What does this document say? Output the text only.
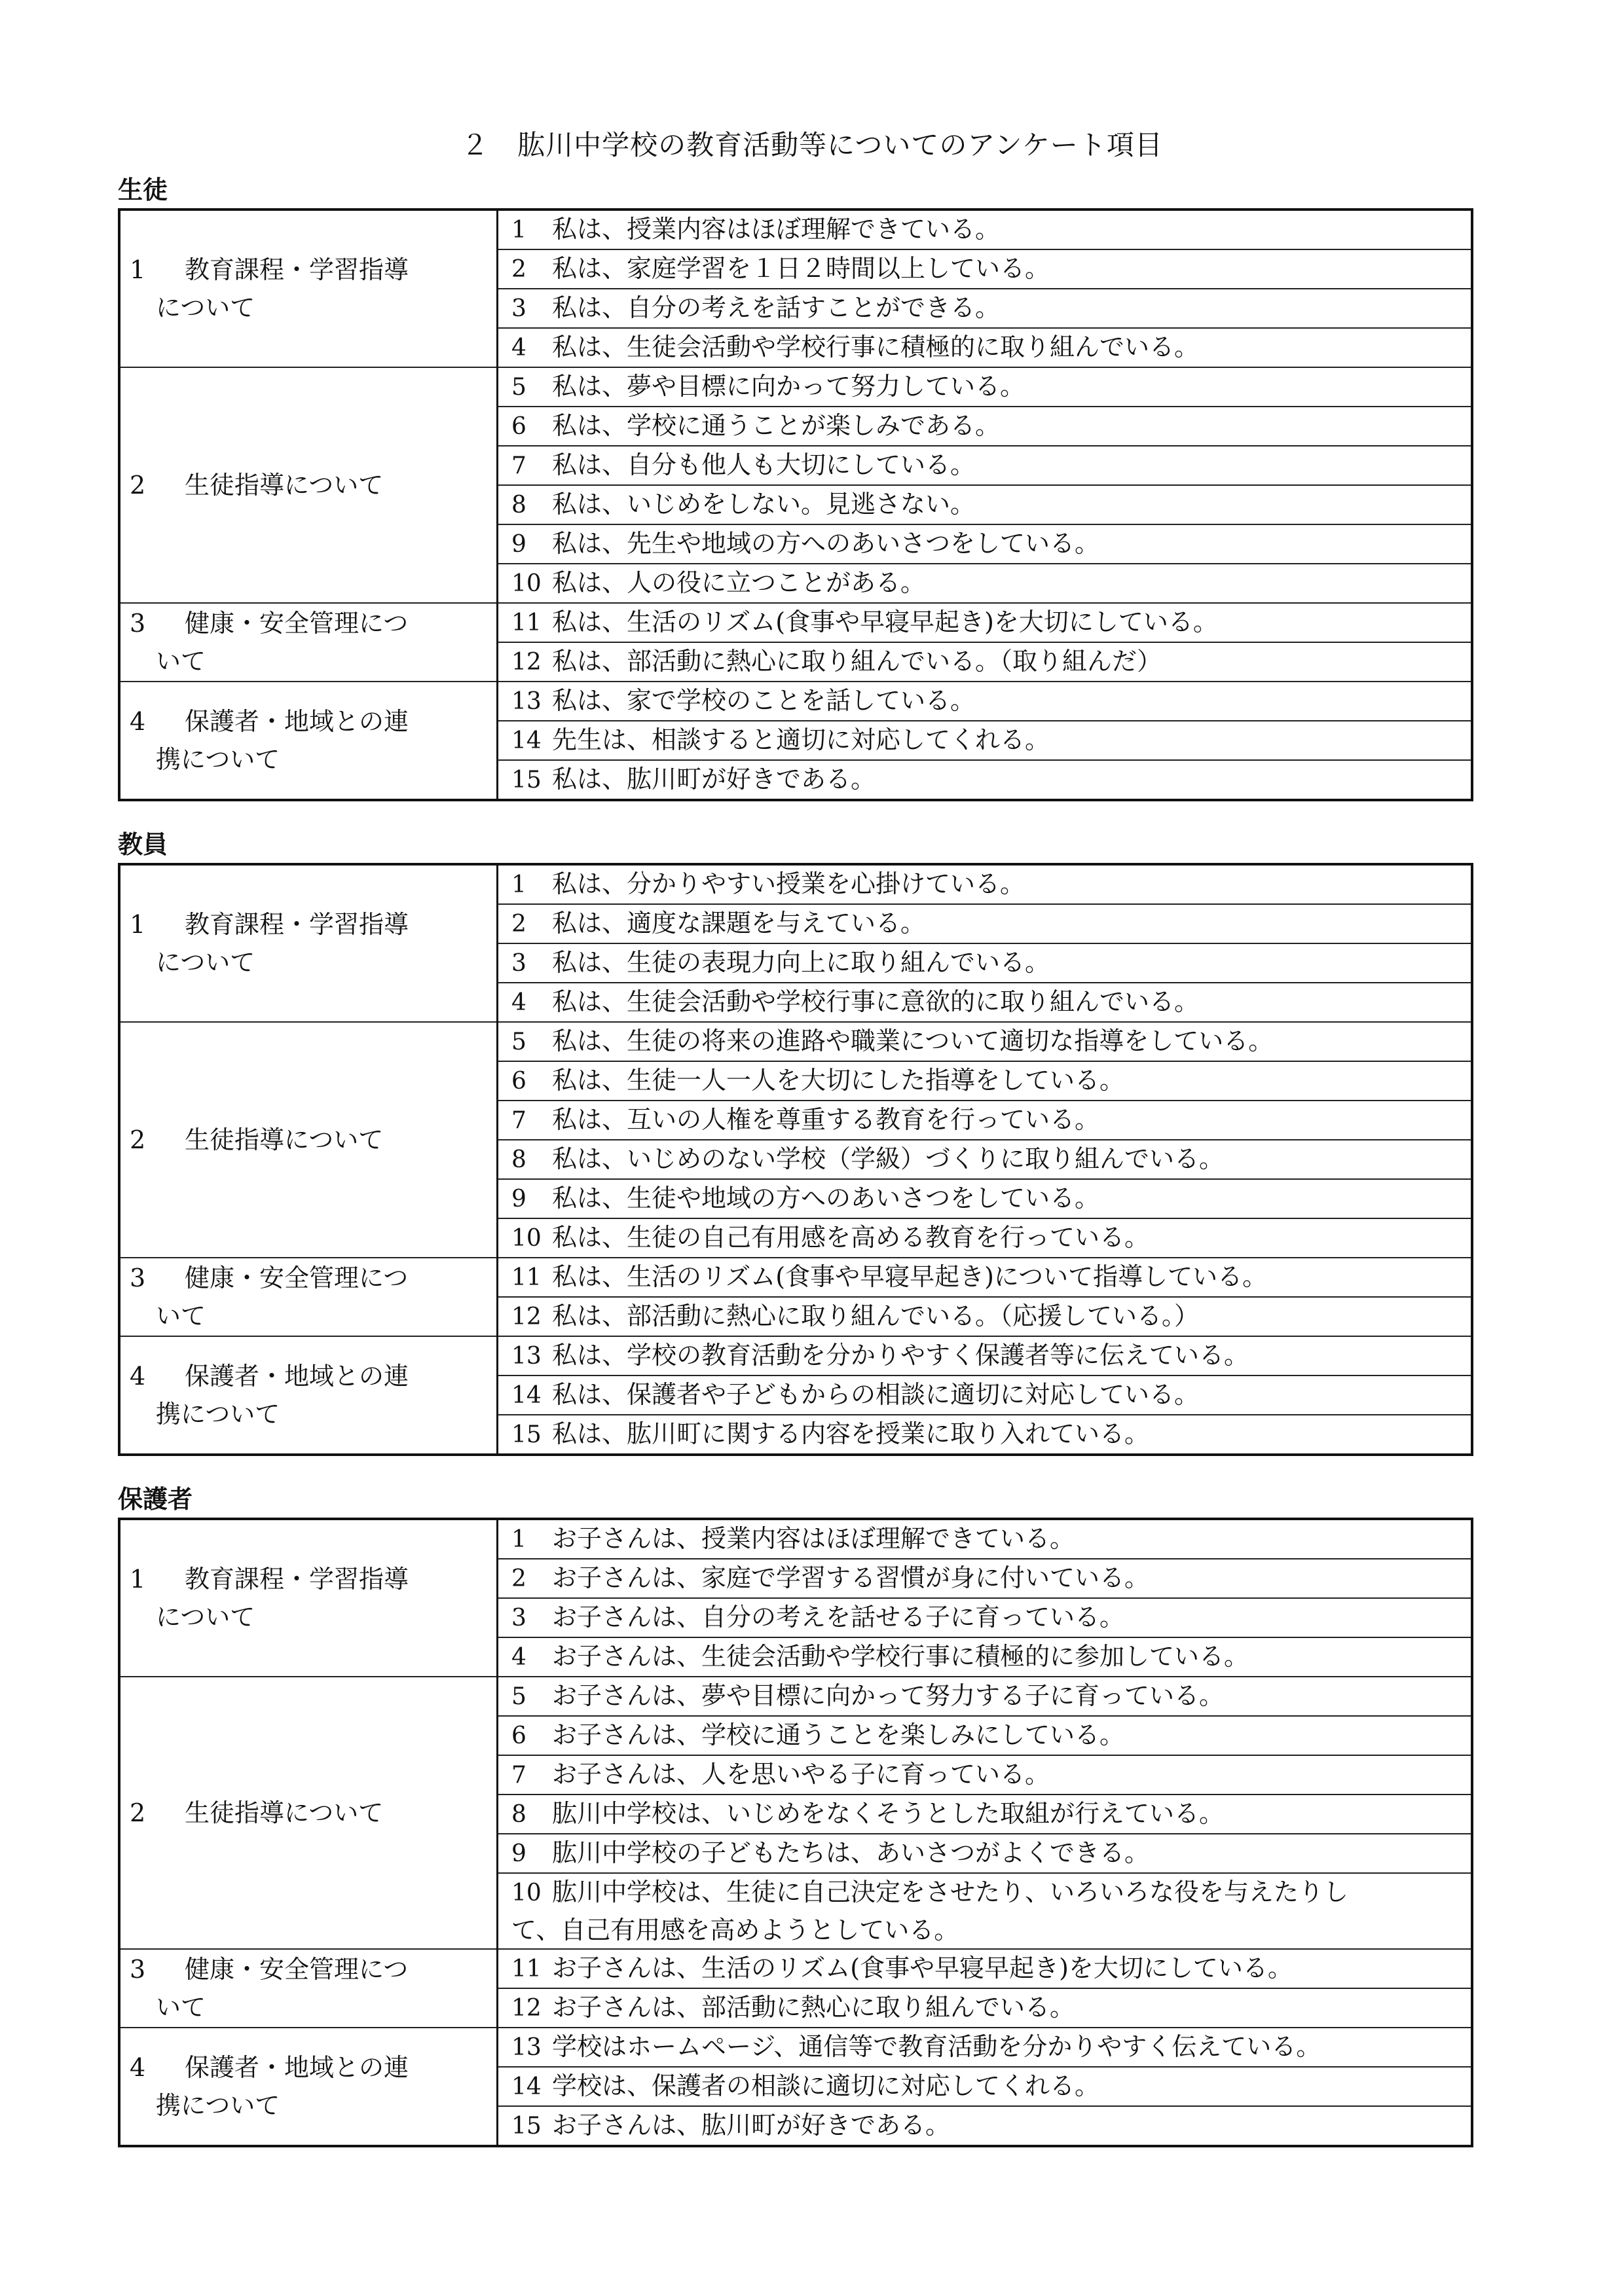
２　肱川中学校の教育活動等についてのアンケート項目
生徒
1 教育課程・学習指導
について	1 私は、授業内容はほぼ理解できている。
	2 私は、家庭学習を１日２時間以上している。
	3 私は、自分の考えを話すことができる。
	4 私は、生徒会活動や学校行事に積極的に取り組んでいる。

2 生徒指導について	5 私は、夢や目標に向かって努力している。
	6 私は、学校に通うことが楽しみである。
	7 私は、自分も他人も大切にしている。
	8 私は、いじめをしない。見逃さない。
	9 私は、先生や地域の方へのあいさつをしている。
	10 私は、人の役に立つことがある。

3 健康・安全管理につ
いて	11 私は、生活のリズム(食事や早寝早起き)を大切にしている。
	12 私は、部活動に熱心に取り組んでいる。（取り組んだ）

4 保護者・地域との連
携について	13 私は、家で学校のことを話している。
	14 先生は、相談すると適切に対応してくれる。
	15 私は、肱川町が好きである。
教員
1 教育課程・学習指導
について	1 私は、分かりやすい授業を心掛けている。
	2 私は、適度な課題を与えている。
	3 私は、生徒の表現力向上に取り組んでいる。
	4 私は、生徒会活動や学校行事に意欲的に取り組んでいる。

2 生徒指導について	5 私は、生徒の将来の進路や職業について適切な指導をしている。
	6 私は、生徒一人一人を大切にした指導をしている。
	7 私は、互いの人権を尊重する教育を行っている。
	8 私は、いじめのない学校（学級）づくりに取り組んでいる。
	9 私は、生徒や地域の方へのあいさつをしている。
	10 私は、生徒の自己有用感を高める教育を行っている。

3 健康・安全管理につ
いて	11 私は、生活のリズム(食事や早寝早起き)について指導している。
	12 私は、部活動に熱心に取り組んでいる。（応援している。）

4 保護者・地域との連
携について	13 私は、学校の教育活動を分かりやすく保護者等に伝えている。
	14 私は、保護者や子どもからの相談に適切に対応している。
	15 私は、肱川町に関する内容を授業に取り入れている。
保護者
1 教育課程・学習指導
について	1 お子さんは、授業内容はほぼ理解できている。
	2 お子さんは、家庭で学習する習慣が身に付いている。
	3 お子さんは、自分の考えを話せる子に育っている。
	4 お子さんは、生徒会活動や学校行事に積極的に参加している。

2 生徒指導について	5 お子さんは、夢や目標に向かって努力する子に育っている。
	6 お子さんは、学校に通うことを楽しみにしている。
	7 お子さんは、人を思いやる子に育っている。
	8 肱川中学校は、いじめをなくそうとした取組が行えている。
	9 肱川中学校の子どもたちは、あいさつがよくできる。

	10 肱川中学校は、生徒に自己決定をさせたり、いろいろな役を与えたりし
て、自己有用感を高めようとしている。

3 健康・安全管理につ
いて	11 お子さんは、生活のリズム(食事や早寝早起き)を大切にしている。
	12 お子さんは、部活動に熱心に取り組んでいる。

4 保護者・地域との連
携について	13 学校はホームページ、通信等で教育活動を分かりやすく伝えている。
	14 学校は、保護者の相談に適切に対応してくれる。
	15 お子さんは、肱川町が好きである。
